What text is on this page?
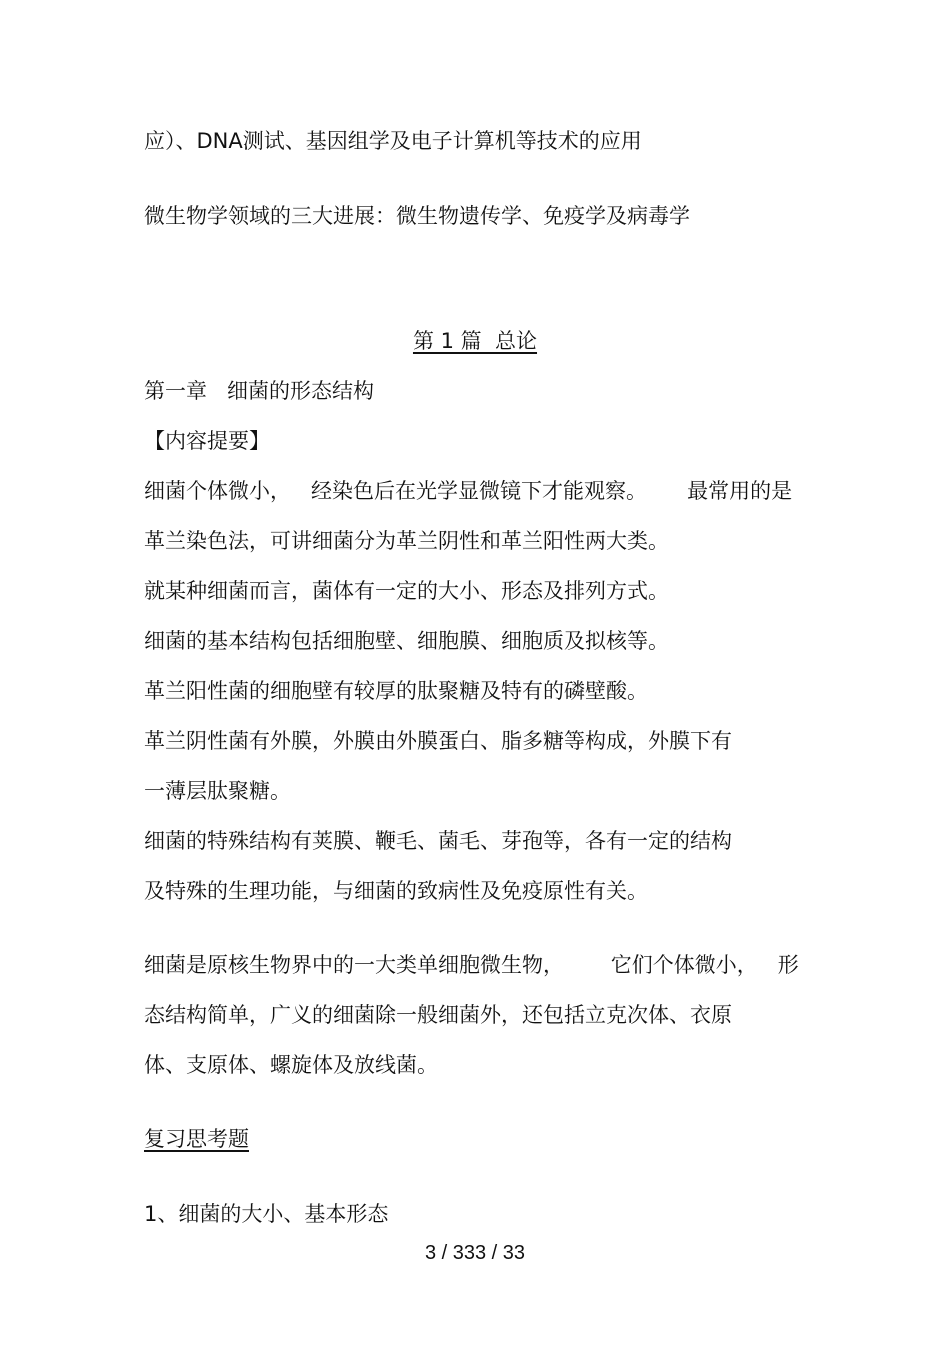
应）、DNA测试、基因组学及电子计算机等技术的应用
微生物学领域的三大进展：微生物遗传学、免疫学及病毒学
第 1 篇  总论
第一章   细菌的形态结构
【内容提要】
细菌个体微小，   经染色后在光学显微镜下才能观察。      最常用的是
革兰染色法，可讲细菌分为革兰阴性和革兰阳性两大类。
就某种细菌而言，菌体有一定的大小、形态及排列方式。
细菌的基本结构包括细胞壁、细胞膜、细胞质及拟核等。
革兰阳性菌的细胞壁有较厚的肽聚糖及特有的磷壁酸。
革兰阴性菌有外膜，外膜由外膜蛋白、脂多糖等构成，外膜下有
一薄层肽聚糖。
细菌的特殊结构有荚膜、鞭毛、菌毛、芽孢等，各有一定的结构
及特殊的生理功能，与细菌的致病性及免疫原性有关。
细菌是原核生物界中的一大类单细胞微生物，       它们个体微小，   形
态结构简单，广义的细菌除一般细菌外，还包括立克次体、衣原
体、支原体、螺旋体及放线菌。
复习思考题
1、细菌的大小、基本形态
3 / 333 / 33
